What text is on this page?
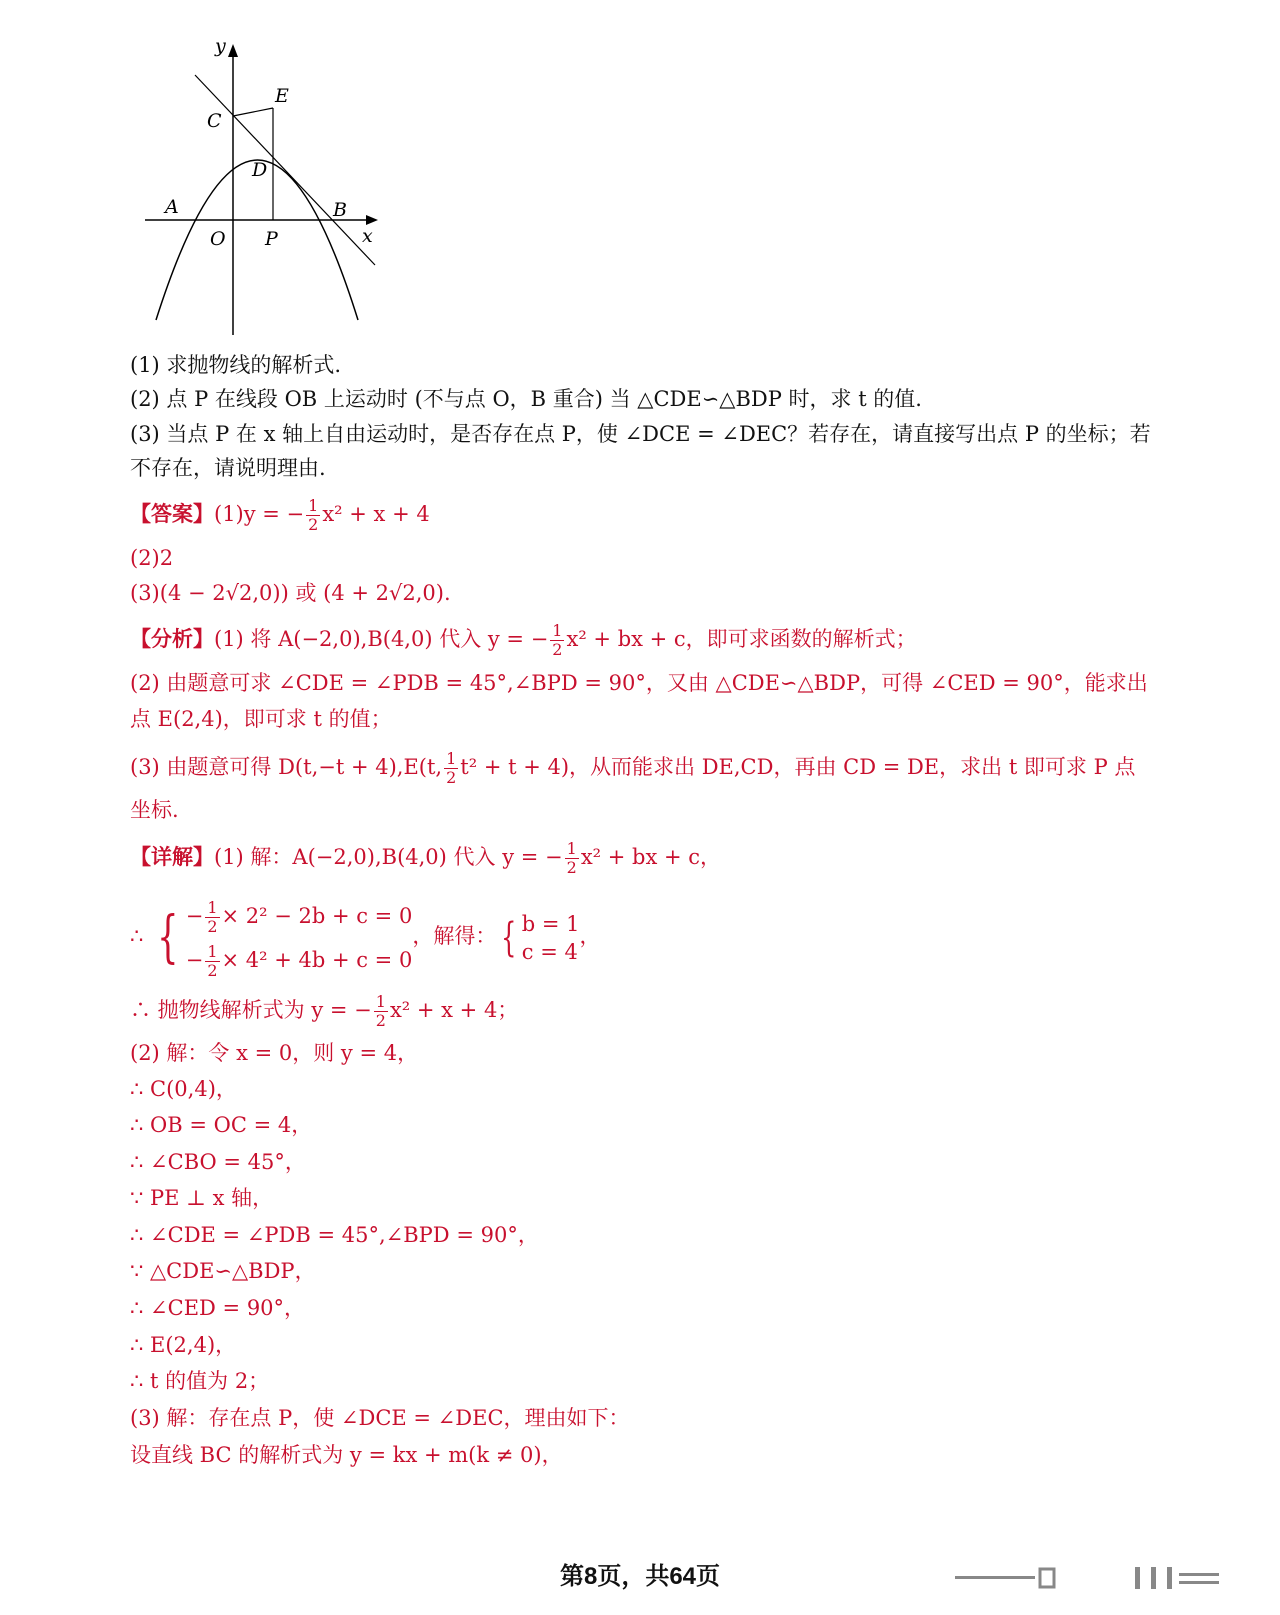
y
E
C
D
A	B
O P	x
(1) 求抛物线的解析式.
(2) 点 P 在线段 OB 上运动时 (不与点 O，B 重合) 当 △CDE∽△BDP 时，求 t 的值.
(3) 当点 P 在 x 轴上自由运动时，是否存在点 P，使 ∠DCE = ∠DEC？若存在，请直接写出点 P 的坐标；若
不存在，请说明理由.
【答案】(1)y = − $\frac{1}{2} x^2 + x + 4$
(2)2
(3)(4 − 2√2,0)) 或 (4 + 2√2,0).
【分析】(1) 将 A(−2,0),B(4,0) 代入 y = − $\frac{1}{2} x^2$ + bx + c，即可求函数的解析式；
(2) 由题意可求 ∠CDE = ∠PDB = 45°,∠BPD = 90°，又由 △CDE∽△BDP，可得 ∠CED = 90°，能求出
点 E(2,4)，即可求 t 的值；
(3) 由题意可得 D(t,−t + 4),E(t, $\frac{1}{2} t^2 + t + 4$)，从而能求出 DE,CD，再由 CD = DE，求出 t 即可求 P 点
坐标.
【详解】(1) 解：A(−2,0),B(4,0) 代入 y = − $\frac{1}{2} x^2$ + bx + c，
∴ { − $\frac{1}{2} \times 2^2 - 2b + c = 0$
− $\frac{1}{2} \times 4^2 + 4b + c = 0$
，解得： { b = 1
c = 4
，
∴ 抛物线解析式为 y = − $\frac{1}{2} x^2 + x + 4$；
(2) 解：令 x = 0，则 y = 4，
∴ C(0,4)，
∴ OB = OC = 4，
∴ ∠CBO = 45°，
∵ PE ⊥ x 轴，
∴ ∠CDE = ∠PDB = 45°,∠BPD = 90°，
∵ △CDE∽△BDP，
∴ ∠CED = 90°，
∴ E(2,4)，
∴ t 的值为 2；
(3) 解：存在点 P，使 ∠DCE = ∠DEC，理由如下：
设直线 BC 的解析式为 y = kx + m(k ≠ 0)，
第8页，共64页
